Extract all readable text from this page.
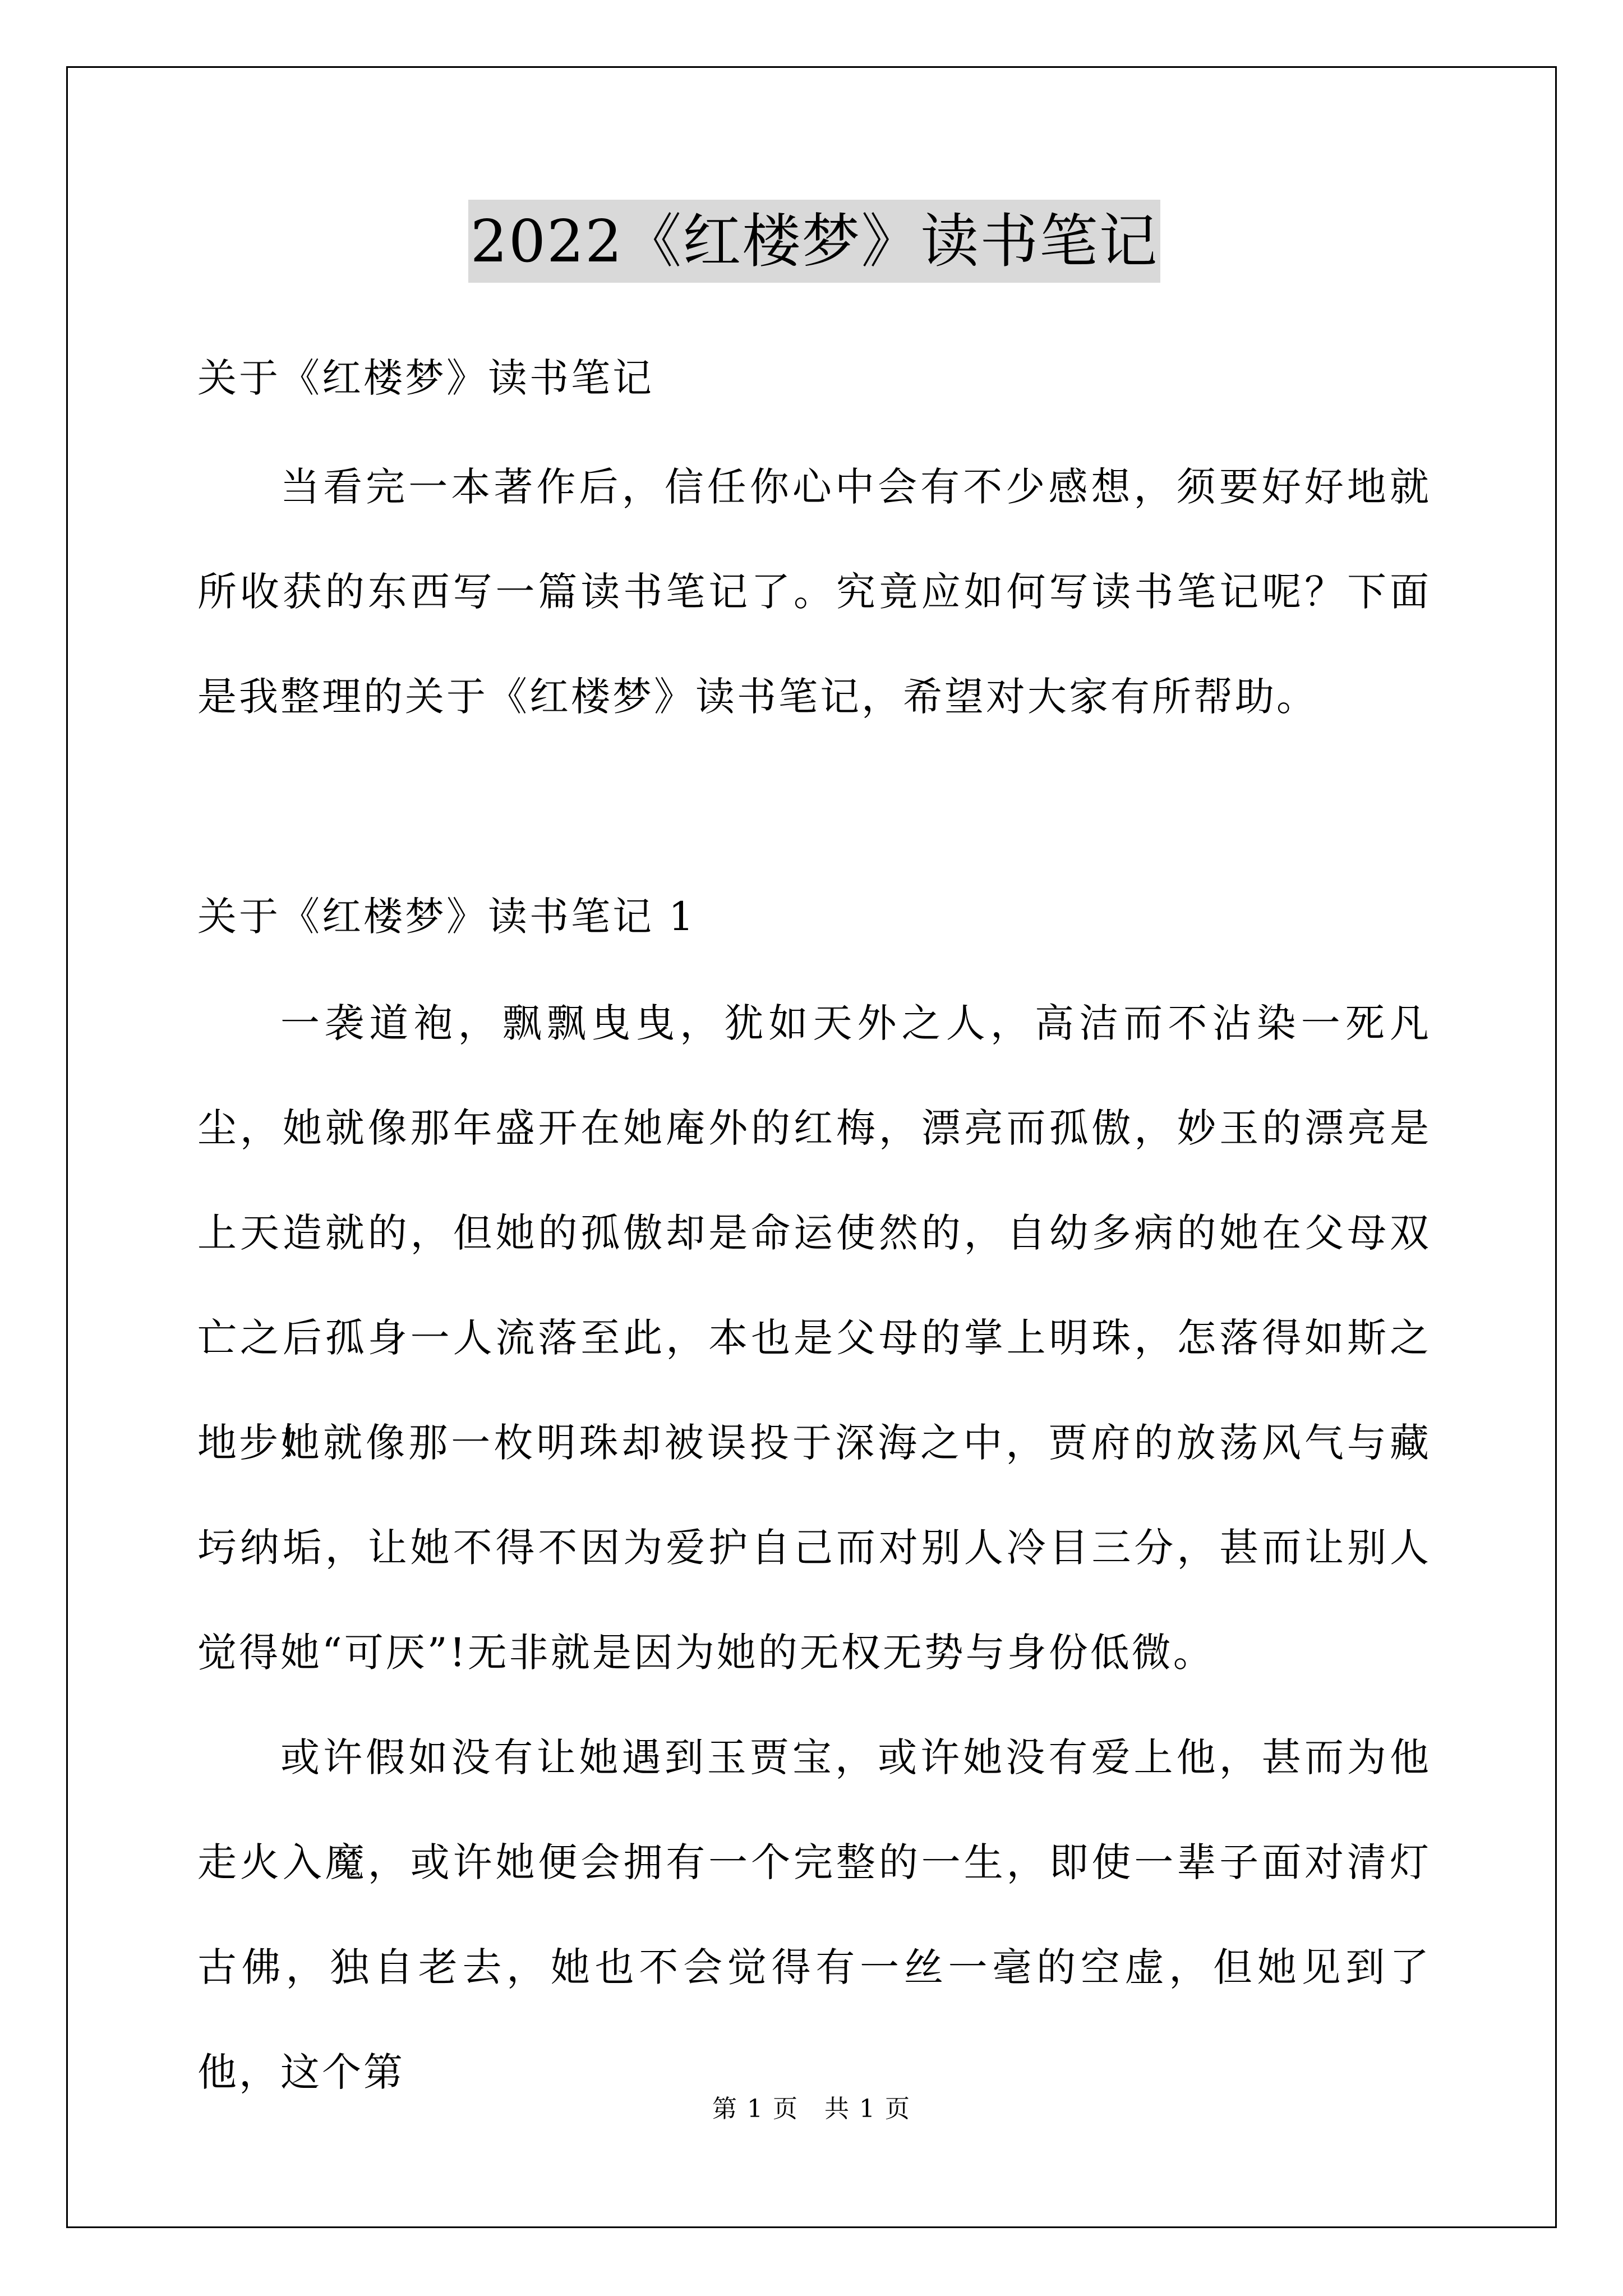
2022《红楼梦》读书笔记
关于《红楼梦》读书笔记
当看完一本著作后，信任你心中会有不少感想，须要好好地就所收获的东西写一篇读书笔记了。究竟应如何写读书笔记呢？下面是我整理的关于《红楼梦》读书笔记，希望对大家有所帮助。
关于《红楼梦》读书笔记 1
一袭道袍，飘飘曳曳，犹如天外之人，高洁而不沾染一死凡尘，她就像那年盛开在她庵外的红梅，漂亮而孤傲，妙玉的漂亮是上天造就的，但她的孤傲却是命运使然的，自幼多病的她在父母双亡之后孤身一人流落至此，本也是父母的掌上明珠，怎落得如斯之地步!
她就像那一枚明珠却被误投于深海之中，贾府的放荡风气与藏圬纳垢，让她不得不因为爱护自己而对别人冷目三分，甚而让别人觉得她“可厌”!无非就是因为她的无权无势与身份低微。
或许假如没有让她遇到玉贾宝，或许她没有爱上他，甚而为他走火入魔，或许她便会拥有一个完整的一生，即使一辈子面对清灯古佛，独自老去，她也不会觉得有一丝一毫的空虚，但她见到了他，这个第
第 1 页　共 1 页
